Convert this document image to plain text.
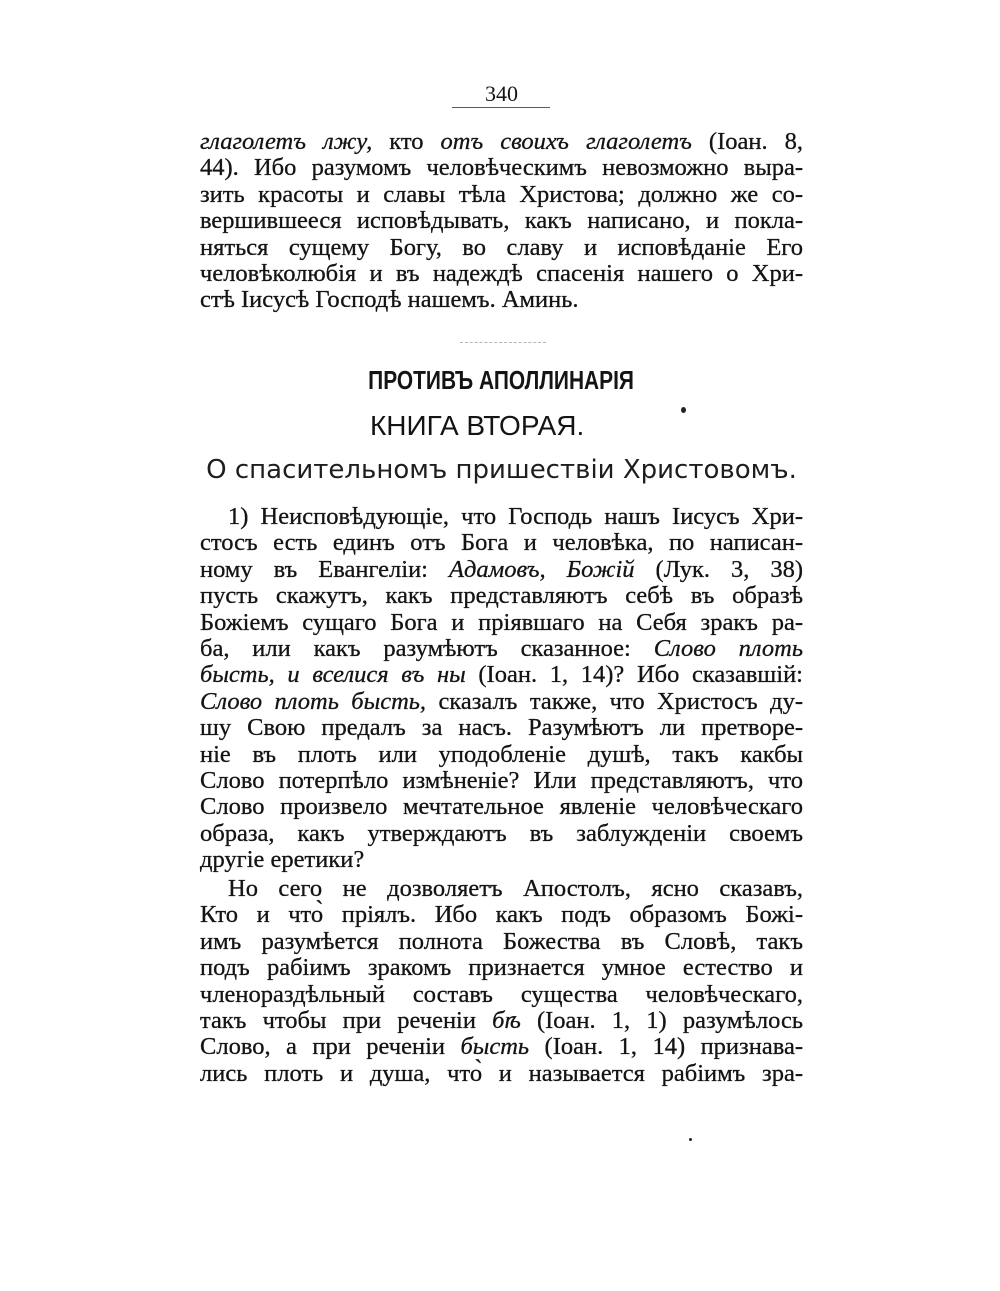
340
глаголетъ лжу, кто отъ своихъ глаголетъ (Іоан. 8,
44). Ибо разумомъ человѣческимъ невозможно выра-
зить красоты и славы тѣла Христова; должно же со-
вершившееся исповѣдывать, какъ написано, и покла-
няться сущему Богу, во славу и исповѣданіе Его
человѣколюбія и въ надеждѣ спасенія нашего о Хри-
стѣ Іисусѣ Господѣ нашемъ. Аминь.
ПРОТИВЪ АПОЛЛИНАРІЯ
КНИГА ВТОРАЯ.
О спасительномъ пришествіи Христовомъ.
1) Неисповѣдующіе, что Господь нашъ Іисусъ Хри-
стосъ есть единъ отъ Бога и человѣка, по написан-
ному въ Евангеліи: Адамовъ, Божій (Лук. 3, 38)
пусть скажутъ, какъ представляютъ себѣ въ образѣ
Божіемъ сущаго Бога и пріявшаго на Себя зракъ ра-
ба, или какъ разумѣютъ сказанное: Слово плоть
бысть, и вселися въ ны (Іоан. 1, 14)? Ибо сказавшій:
Слово плоть бысть, сказалъ также, что Христосъ ду-
шу Свою предалъ за насъ. Разумѣютъ ли претворе-
ніе въ плоть или уподобленіе душѣ, такъ какбы
Слово потерпѣло измѣненіе? Или представляютъ, что
Слово произвело мечтательное явленіе человѣческаго
образа, какъ утверждаютъ въ заблужденіи своемъ
другіе еретики?
Но сего не дозволяетъ Апостолъ, ясно сказавъ,
Кто и что̀ пріялъ. Ибо какъ подъ образомъ Божі-
имъ разумѣется полнота Божества въ Словѣ, такъ
подъ рабіимъ зракомъ признается умное естество и
членораздѣльный составъ существа человѣческаго,
такъ чтобы при реченіи бѣ (Іоан. 1, 1) разумѣлось
Слово, а при реченіи бысть (Іоан. 1, 14) признава-
лись плоть и душа, что̀ и называется рабіимъ зра-
